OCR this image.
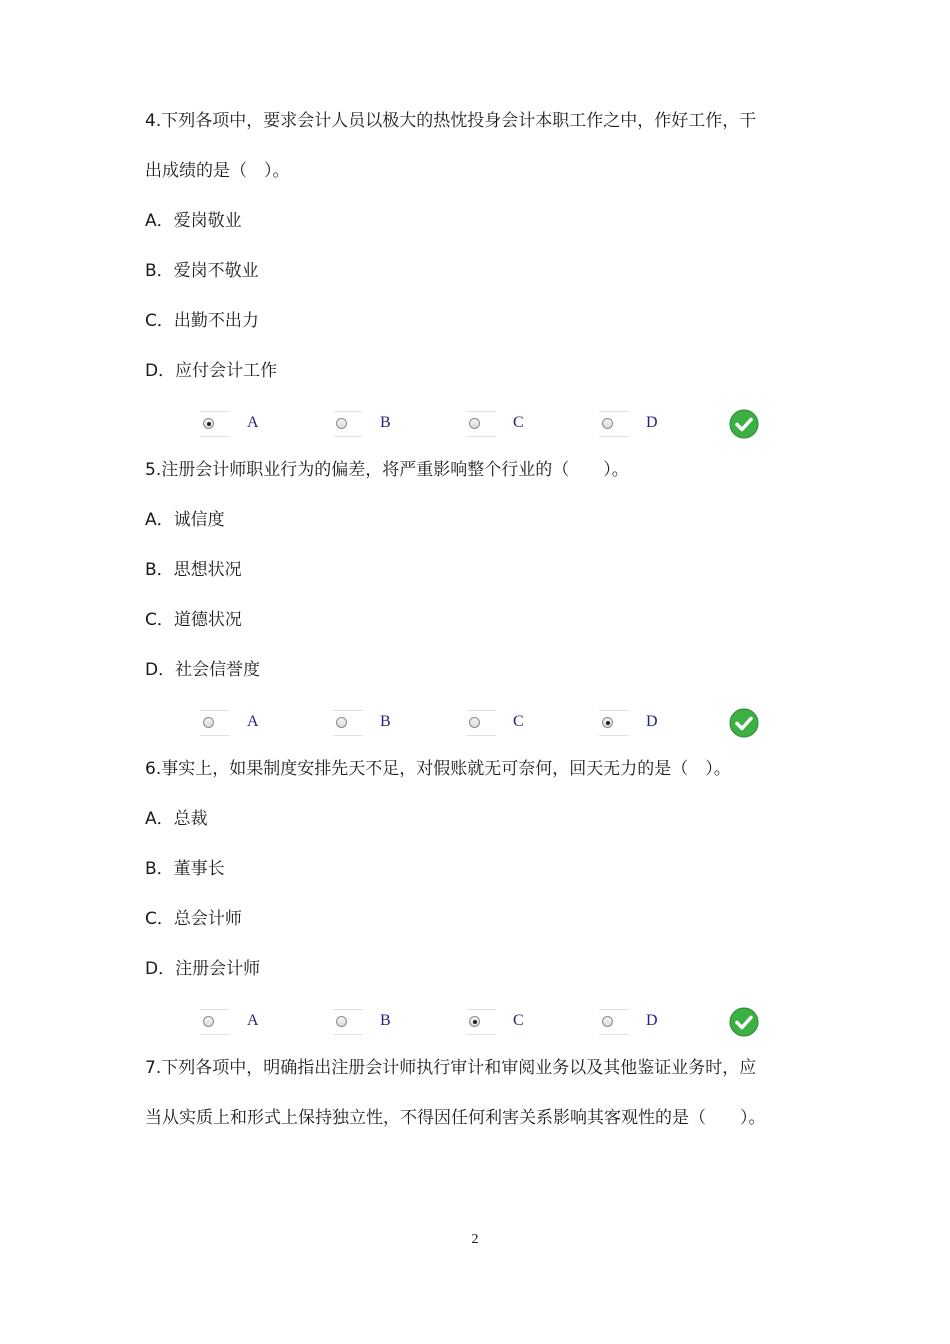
4.下列各项中，要求会计人员以极大的热忱投身会计本职工作之中，作好工作，干
出成绩的是（　）。
A．爱岗敬业
B．爱岗不敬业
C．出勤不出力
D．应付会计工作
A	B	C	D
5.注册会计师职业行为的偏差，将严重影响整个行业的（　　）。
A．诚信度
B．思想状况
C．道德状况
D．社会信誉度
A	B	C	D
6.事实上，如果制度安排先天不足，对假账就无可奈何，回天无力的是（　）。
A．总裁
B．董事长
C．总会计师
D．注册会计师
A	B	C	D
7.下列各项中，明确指出注册会计师执行审计和审阅业务以及其他鉴证业务时，应
当从实质上和形式上保持独立性，不得因任何利害关系影响其客观性的是（　　）。
2
